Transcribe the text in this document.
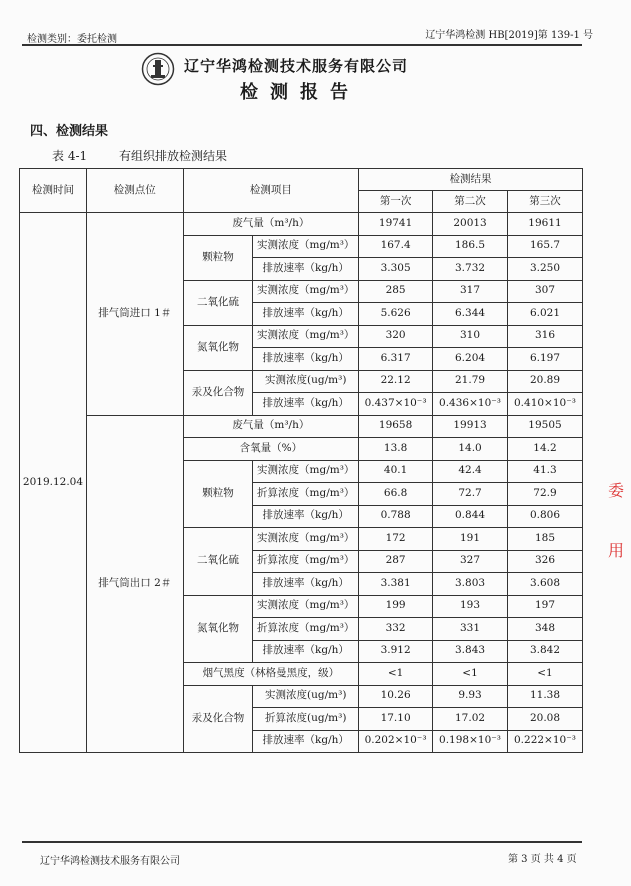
检测类别：委托检测	辽宁华鸿检测 HB[2019]第 139-1 号
辽宁华鸿检测技术服务有限公司
检测报告
四、检测结果
表 4-1	有组织排放检测结果
检测时间	检测点位	检测项目		检测结果		
				第一次	第二次	第三次
2019.12.04	排气筒进口 1＃	废气量（m³/h）		19741	20013	19611
		颗粒物	实测浓度（mg/m³）	167.4	186.5	165.7
			排放速率（kg/h）	3.305	3.732	3.250
		二氧化硫	实测浓度（mg/m³）	285	317	307
			排放速率（kg/h）	5.626	6.344	6.021
		氮氧化物	实测浓度（mg/m³）	320	310	316
			排放速率（kg/h）	6.317	6.204	6.197
		汞及化合物	实测浓度(ug/m³)	22.12	21.79	20.89
			排放速率（kg/h）	0.437×10⁻³	0.436×10⁻³	0.410×10⁻³
	排气筒出口 2＃	废气量（m³/h）		19658	19913	19505
		含氧量（%）		13.8	14.0	14.2
		颗粒物	实测浓度（mg/m³）	40.1	42.4	41.3
			折算浓度（mg/m³）	66.8	72.7	72.9
			排放速率（kg/h）	0.788	0.844	0.806
		二氧化硫	实测浓度（mg/m³）	172	191	185
			折算浓度（mg/m³）	287	327	326
			排放速率（kg/h）	3.381	3.803	3.608
		氮氧化物	实测浓度（mg/m³）	199	193	197
			折算浓度（mg/m³）	332	331	348
			排放速率（kg/h）	3.912	3.843	3.842
		烟气黑度（林格曼黑度，级）		<1	<1	<1
		汞及化合物	实测浓度(ug/m³)	10.26	9.93	11.38
			折算浓度(ug/m³)	17.10	17.02	20.08
			排放速率（kg/h）	0.202×10⁻³	0.198×10⁻³	0.222×10⁻³
辽宁华鸿检测技术服务有限公司	第 3 页 共 4 页
委
用
